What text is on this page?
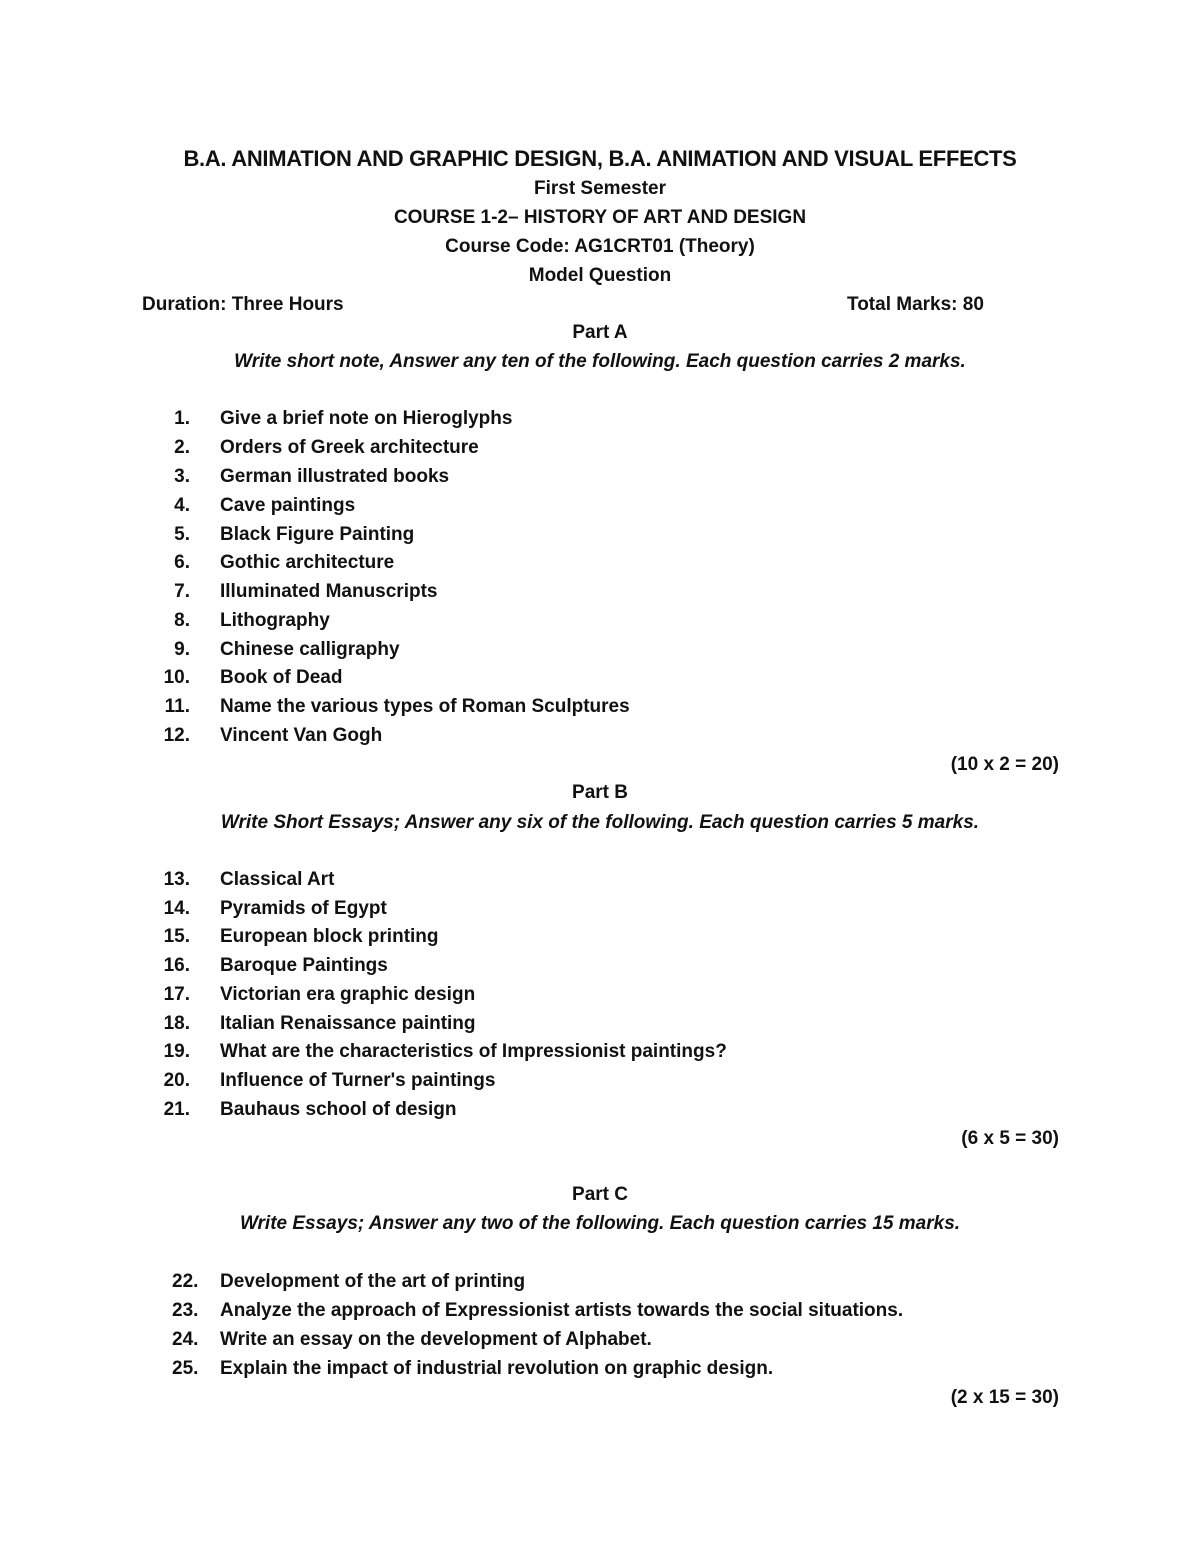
B.A. ANIMATION AND GRAPHIC DESIGN, B.A. ANIMATION AND VISUAL EFFECTS
First Semester
COURSE 1-2– HISTORY OF ART AND DESIGN
Course Code: AG1CRT01 (Theory)
Model Question
Duration: Three Hours	Total Marks: 80
Part A
Write short note, Answer any ten of the following. Each question carries 2 marks.
1. Give a brief note on Hieroglyphs
2. Orders of Greek architecture
3. German illustrated books
4. Cave paintings
5. Black Figure Painting
6. Gothic architecture
7. Illuminated Manuscripts
8. Lithography
9. Chinese calligraphy
10. Book of Dead
11. Name the various types of Roman Sculptures
12. Vincent Van Gogh
(10 x 2 = 20)
Part B
Write Short Essays; Answer any six of the following. Each question carries 5 marks.
13. Classical Art
14. Pyramids of Egypt
15. European block printing
16. Baroque Paintings
17. Victorian era graphic design
18. Italian Renaissance painting
19. What are the characteristics of Impressionist paintings?
20. Influence of Turner's paintings
21. Bauhaus school of design
(6 x 5 = 30)
Part C
Write Essays; Answer any two of the following. Each question carries 15 marks.
22.	Development of the art of printing
23.	Analyze the approach of Expressionist artists towards the social situations.
24.	Write an essay on the development of Alphabet.
25.	Explain the impact of industrial revolution on graphic design.
(2 x 15 = 30)
